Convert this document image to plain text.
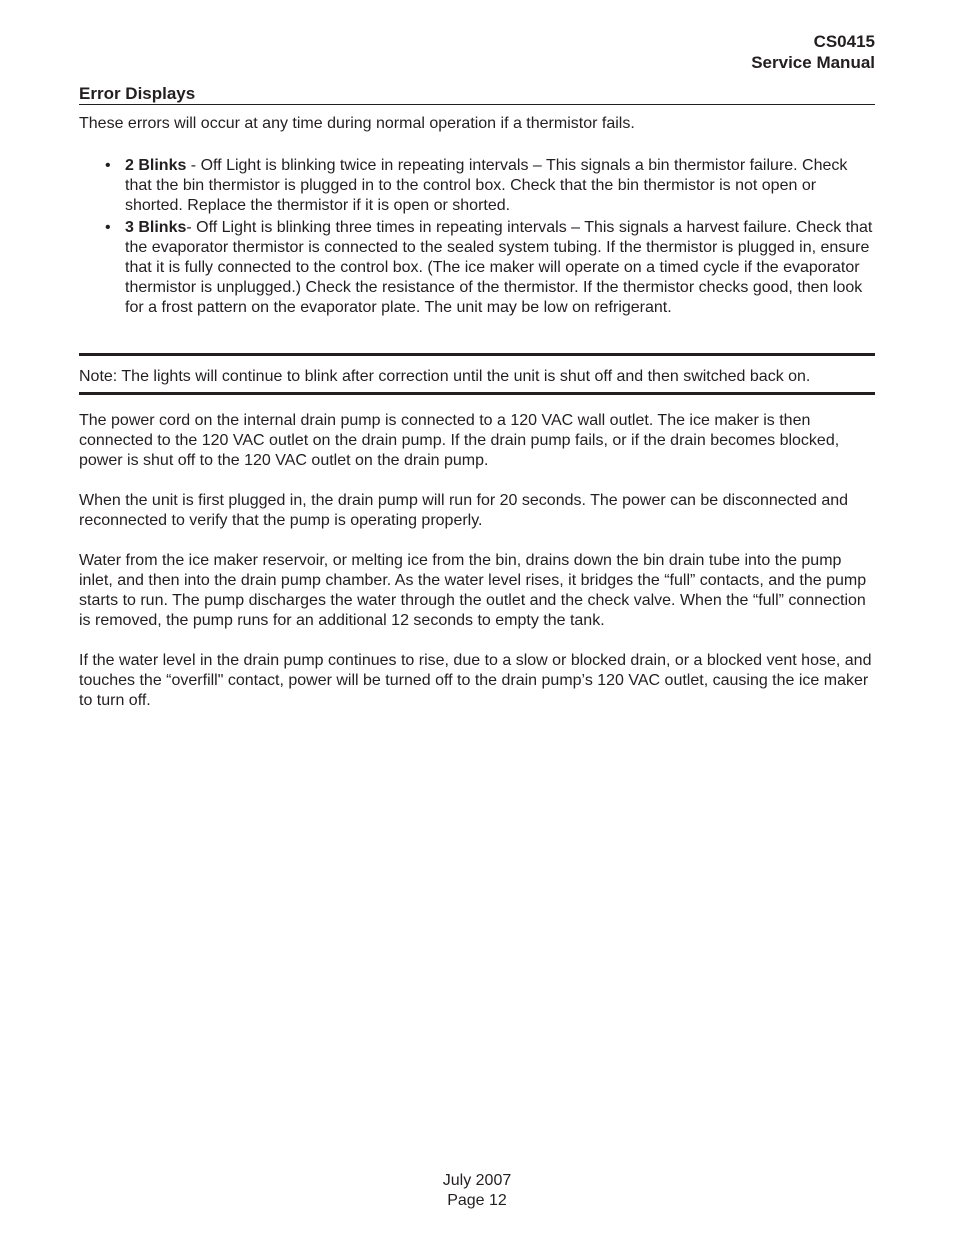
CS0415
Service Manual
Error Displays
These errors will occur at any time during normal operation if a thermistor fails.
• 2 Blinks - Off Light is blinking twice in repeating intervals – This signals a bin thermistor failure. Check that the bin thermistor is plugged in to the control box. Check that the bin thermistor is not open or shorted. Replace the thermistor if it is open or shorted.
• 3 Blinks- Off Light is blinking three times in repeating intervals – This signals a harvest failure. Check that the evaporator thermistor is connected to the sealed system tubing. If the thermistor is plugged in, ensure that it is fully connected to the control box. (The ice maker will operate on a timed cycle if the evaporator thermistor is unplugged.) Check the resistance of the thermistor. If the thermistor checks good, then look for a frost pattern on the evaporator plate. The unit may be low on refrigerant.
Note: The lights will continue to blink after correction until the unit is shut off and then switched back on.

The power cord on the internal drain pump is connected to a 120 VAC wall outlet. The ice maker is then connected to the 120 VAC outlet on the drain pump. If the drain pump fails, or if the drain becomes blocked, power is shut off to the 120 VAC outlet on the drain pump.

When the unit is first plugged in, the drain pump will run for 20 seconds. The power can be disconnected and reconnected to verify that the pump is operating properly.

Water from the ice maker reservoir, or melting ice from the bin, drains down the bin drain tube into the pump inlet, and then into the drain pump chamber. As the water level rises, it bridges the “full” contacts, and the pump starts to run. The pump discharges the water through the outlet and the check valve. When the “full” connection is removed, the pump runs for an additional 12 seconds to empty the tank.

If the water level in the drain pump continues to rise, due to a slow or blocked drain, or a blocked vent hose, and touches the “overfill" contact, power will be turned off to the drain pump’s 120 VAC outlet, causing the ice maker to turn off.

July 2007
Page 12
